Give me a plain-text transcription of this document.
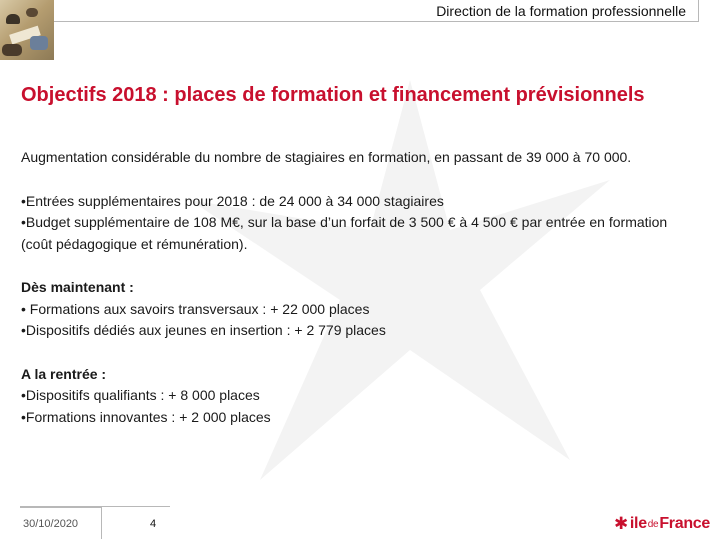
Direction de la formation professionnelle
Objectifs 2018 : places de formation et financement prévisionnels

Augmentation considérable du nombre de stagiaires en formation, en passant de 39 000 à 70 000.

•Entrées supplémentaires pour 2018 : de 24 000 à 34 000 stagiaires

•Budget supplémentaire de 108 M€, sur la base d’un forfait de 3 500 € à 4 500 € par entrée en formation (coût pédagogique et rémunération).

Dès maintenant :

• Formations aux savoirs transversaux : + 22 000 places

•Dispositifs dédiés aux jeunes en insertion : + 2 779 places

A la rentrée :

•Dispositifs qualifiants : + 8 000 places

•Formations innovantes : + 2 000 places

30/10/2020	4	✱ ile de France
